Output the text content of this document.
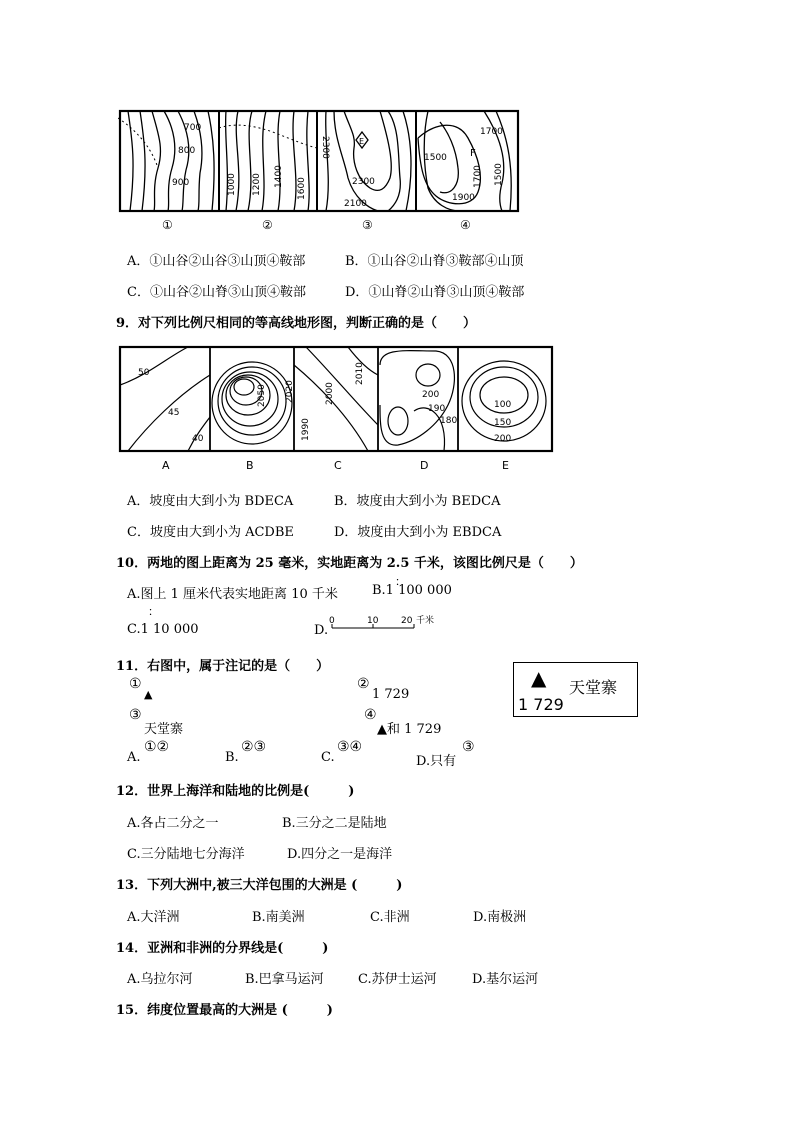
700
800
900	1000 1200 1400
1600
2300	E
2300
2100
1700
1500 F
1700 1500
1900
①	②	③	④
A．①山谷②山谷③山顶④鞍部	B．①山谷②山脊③鞍部④山顶
C．①山谷②山脊③山顶④鞍部	D．①山脊②山脊③山顶④鞍部
9．对下列比例尺相同的等高线地形图，判断正确的是（　　）
50
45
40
2050 2020
1990
2000
2010
200
190
180
100
150
200
A	B	C	D	E
A．坡度由大到小为 BDECA	B．坡度由大到小为 BEDCA
C．坡度由大到小为 ACDBE	D．坡度由大到小为 EBDCA
10．两地的图上距离为 25 毫米，实地距离为 2.5 千米，该图比例尺是（　　）
A.图上 1 厘米代表实地距离 10 千米
：
B.1 100 000
：
C.1 10 000	D.
0	10	20 千米
11．右图中，属于注记的是（　　）
①
▲
②
1 729
③
天堂寨
④
▲和 1 729
A.
①②
B.
②③
C.
③④
D.只有
③
▲ 天堂寨
1 729
12．世界上海洋和陆地的比例是(　　　)
A.各占二分之一	B.三分之二是陆地
C.三分陆地七分海洋	D.四分之一是海洋
13．下列大洲中,被三大洋包围的大洲是 (　　　)
A.大洋洲	B.南美洲	C.非洲	D.南极洲
14．亚洲和非洲的分界线是(　　　)
A.乌拉尔河	B.巴拿马运河	C.苏伊士运河	D.基尔运河
15．纬度位置最高的大洲是 (　　　)
